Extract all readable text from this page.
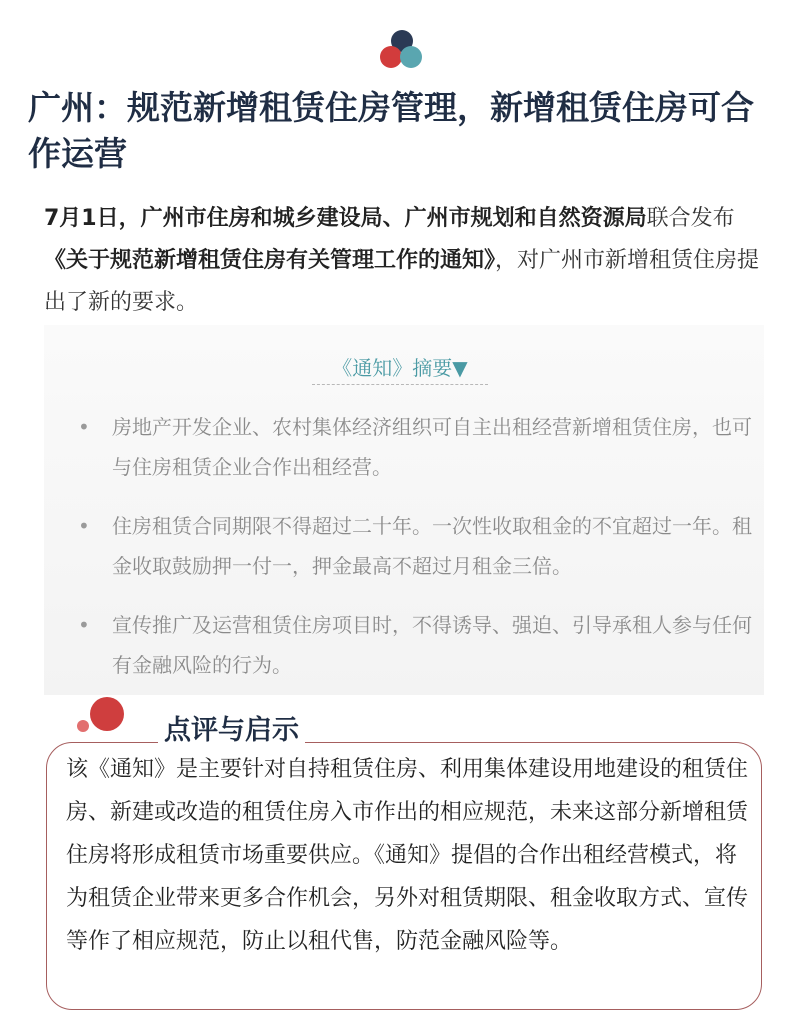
广州：规范新增租赁住房管理，新增租赁住房可合作运营

7月1日，广州市住房和城乡建设局、广州市规划和自然资源局联合发布《关于规范新增租赁住房有关管理工作的通知》，对广州市新增租赁住房提出了新的要求。

《通知》摘要▼
• 房地产开发企业、农村集体经济组织可自主出租经营新增租赁住房，也可与住房租赁企业合作出租经营。
• 住房租赁合同期限不得超过二十年。一次性收取租金的不宜超过一年。租金收取鼓励押一付一，押金最高不超过月租金三倍。
• 宣传推广及运营租赁住房项目时，不得诱导、强迫、引导承租人参与任何有金融风险的行为。
点评与启示

该《通知》是主要针对自持租赁住房、利用集体建设用地建设的租赁住房、新建或改造的租赁住房入市作出的相应规范，未来这部分新增租赁住房将形成租赁市场重要供应。《通知》提倡的合作出租经营模式，将为租赁企业带来更多合作机会，另外对租赁期限、租金收取方式、宣传等作了相应规范，防止以租代售，防范金融风险等。
